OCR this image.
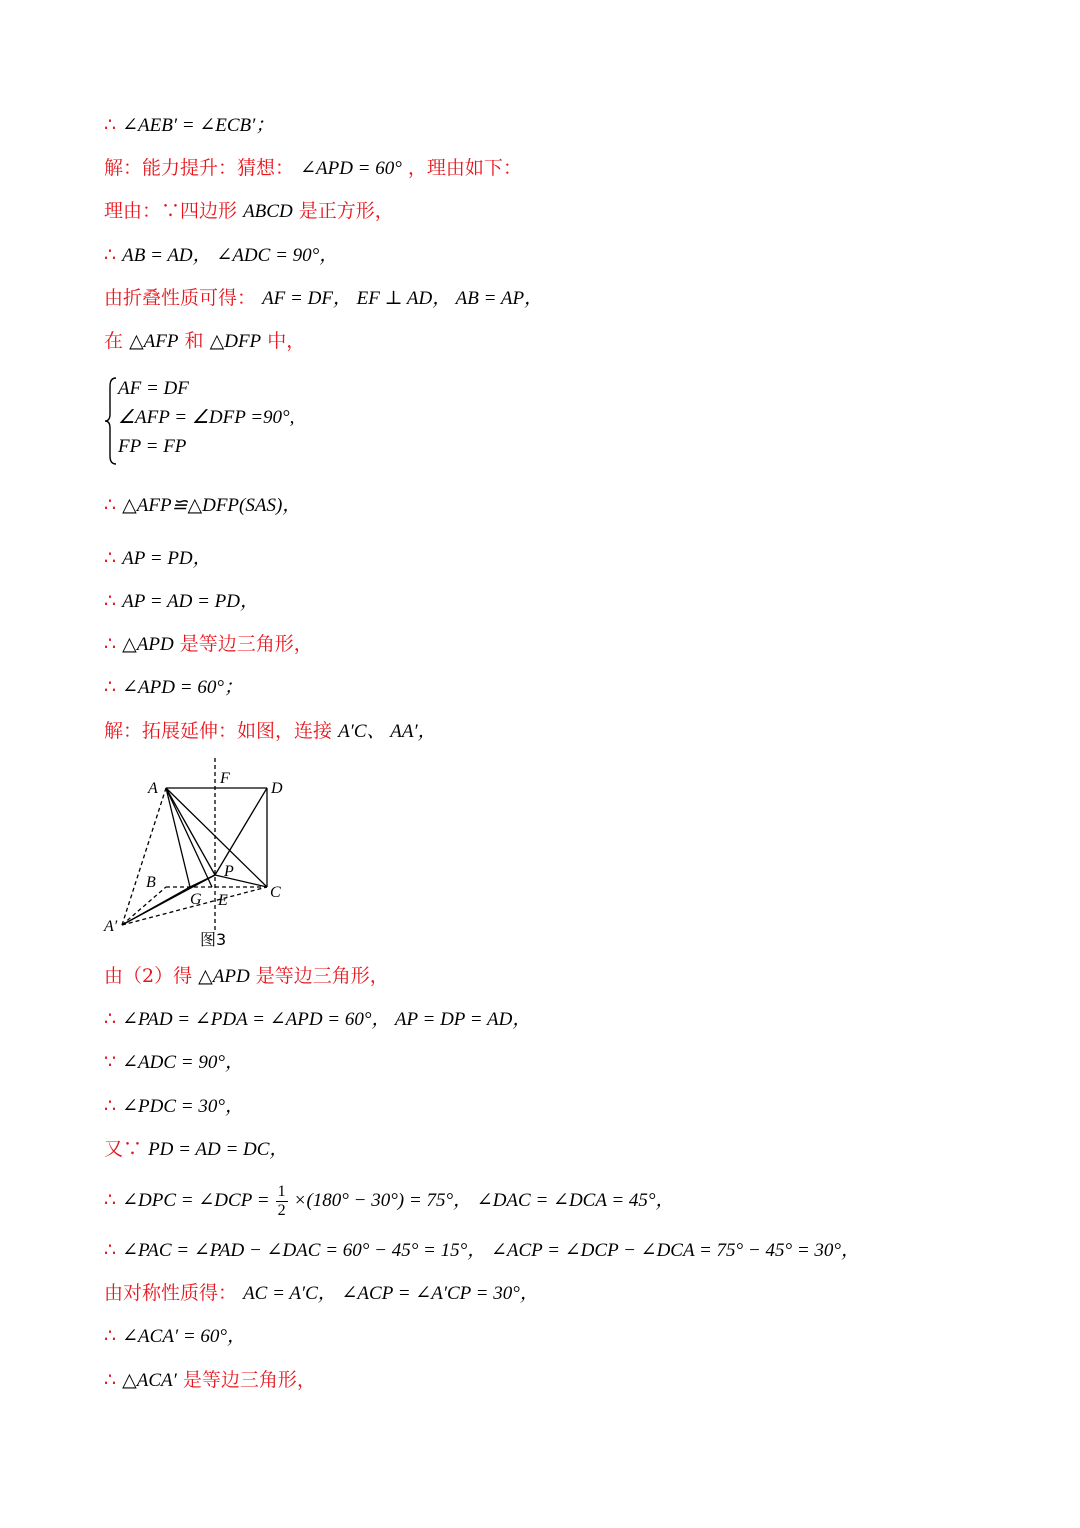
∴ ∠AEB′ = ∠ECB′；
解：能力提升：猜想： ∠APD = 60° ，理由如下：
理由：∵四边形 ABCD 是正方形，
∴ AB = AD， ∠ADC = 90°，
由折叠性质可得： AF = DF， EF ⊥ AD， AB = AP，
在 △AFP 和 △DFP 中，
AF = DF
∠AFP = ∠DFP =90°,
FP = FP
∴ △AFP≌△DFP(SAS)，
∴ AP = PD，
∴ AP = AD = PD，
∴ △APD 是等边三角形，
∴ ∠APD = 60°；
解：拓展延伸：如图，连接 A′C、 AA′，
A	D
F
B
P
G E	C
A′
图3
由（2）得 △APD 是等边三角形，
∴ ∠PAD = ∠PDA = ∠APD = 60°， AP = DP = AD，
∵ ∠ADC = 90°，
∴ ∠PDC = 30°，
又∵ PD = AD = DC，
∴ ∠DPC = ∠DCP = $\frac{1}{2} \times(180^\circ - 30^\circ) = 75^\circ$， ∠DAC = ∠DCA = 45°，
∴ ∠PAC = ∠PAD − ∠DAC = 60° − 45° = 15°， ∠ACP = ∠DCP − ∠DCA = 75° − 45° = 30°，
由对称性质得： AC = A′C， ∠ACP = ∠A′CP = 30°，
∴ ∠ACA′ = 60°，
∴ △ACA′ 是等边三角形，
